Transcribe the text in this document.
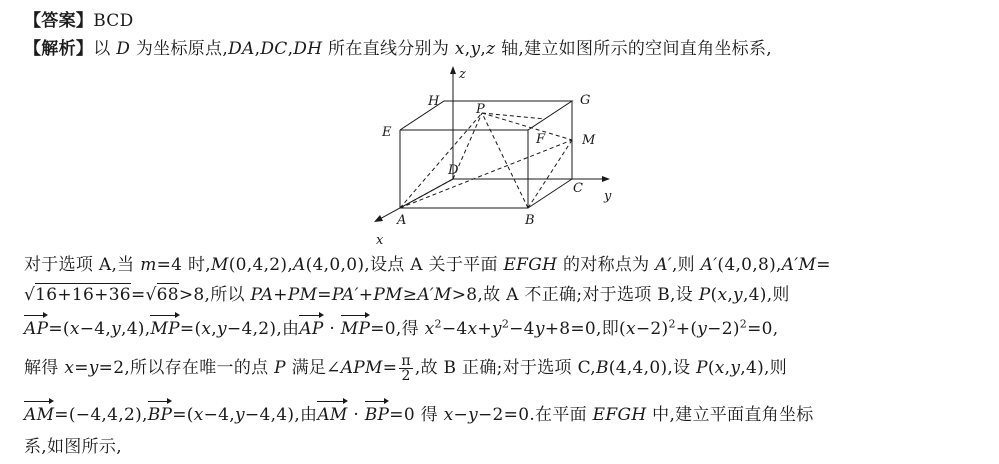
【答案】BCD
【解析】以 D 为坐标原点,DA,DC,DH 所在直线分别为 x,y,z 轴,建立如图所示的空间直角坐标系,
z
y
x
H	G
E	F
P
M
D
C
A	B
对于选项 A,当 m=4 时,M(0,4,2),A(4,0,0),设点 A 关于平面 EFGH 的对称点为 A′,则 A′(4,0,8),A′M=
√16+16+36=√68>8,所以 PA+PM=PA′+PM≥A′M>8,故 A 不正确;对于选项 B,设 P(x,y,4),则
AP=(x−4,y,4),MP=(x,y−4,2),由AP · MP=0,得 $x^2-4x+y^2-4y+8=0$,即$(x-2)^2+(y-2)^2=0$,
解得 x=y=2,所以存在唯一的点 P 满足∠APM= $\frac{\pi}{2}$ ,故 B 正确;对于选项 C,B(4,4,0),设 P(x,y,4),则
AM=(−4,4,2),BP=(x−4,y−4,4),由AM · BP=0 得 x−y−2=0.在平面 EFGH 中,建立平面直角坐标
系,如图所示,
